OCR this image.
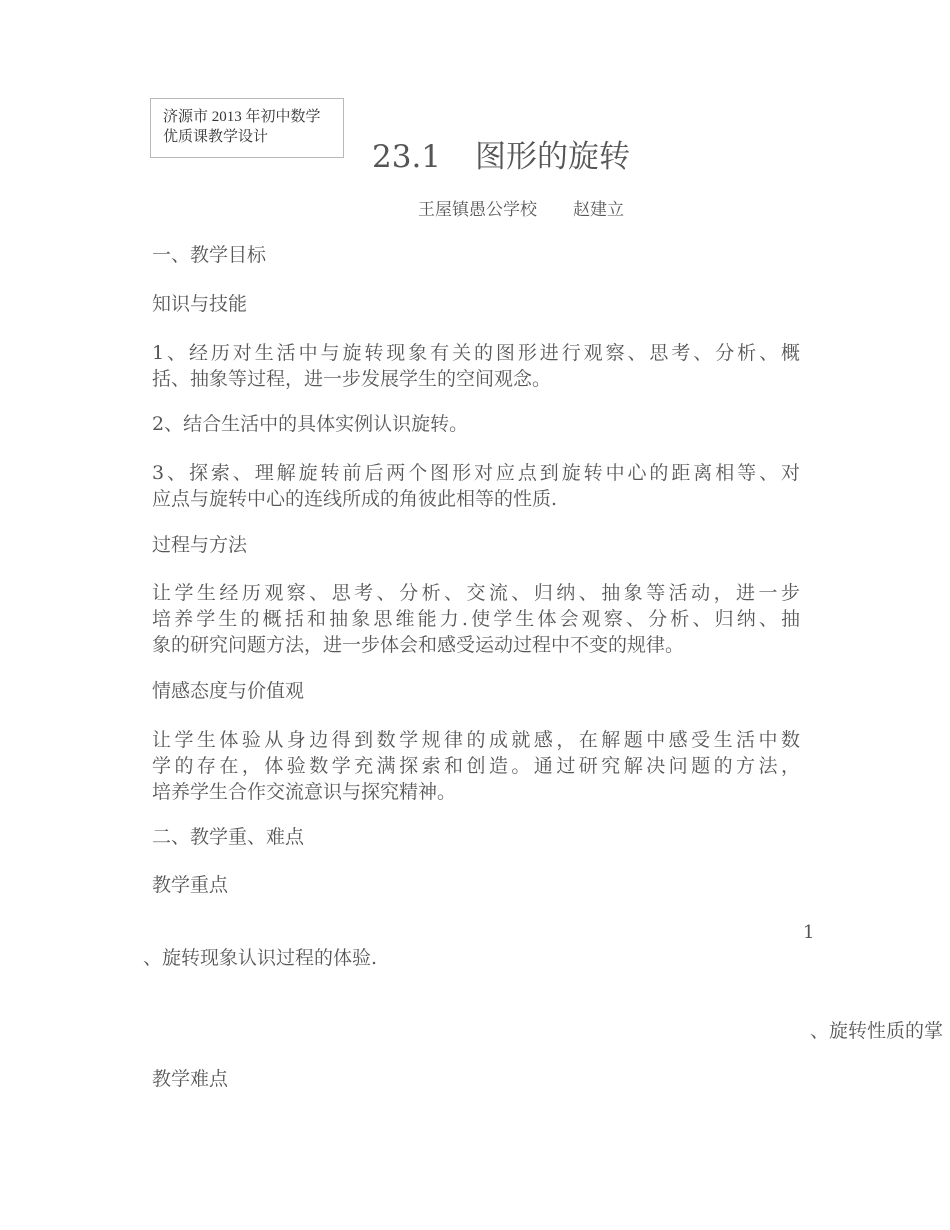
济源市 2013 年初中数学
优质课教学设计
23.1 图形的旋转
王屋镇愚公学校 赵建立
一、教学目标
知识与技能
1、经历对生活中与旋转现象有关的图形进行观察、思考、分析、概
括、抽象等过程，进一步发展学生的空间观念。
2、结合生活中的具体实例认识旋转。
3、探索、理解旋转前后两个图形对应点到旋转中心的距离相等、对
应点与旋转中心的连线所成的角彼此相等的性质.
过程与方法
让学生经历观察、思考、分析、交流、归纳、抽象等活动，进一步
培养学生的概括和抽象思维能力.使学生体会观察、分析、归纳、抽
象的研究问题方法，进一步体会和感受运动过程中不变的规律。
情感态度与价值观
让学生体验从身边得到数学规律的成就感，在解题中感受生活中数
学的存在，体验数学充满探索和创造。通过研究解决问题的方法，
培养学生合作交流意识与探究精神。
二、教学重、难点
教学重点
1
、旋转现象认识过程的体验.
、旋转性质的掌
教学难点
